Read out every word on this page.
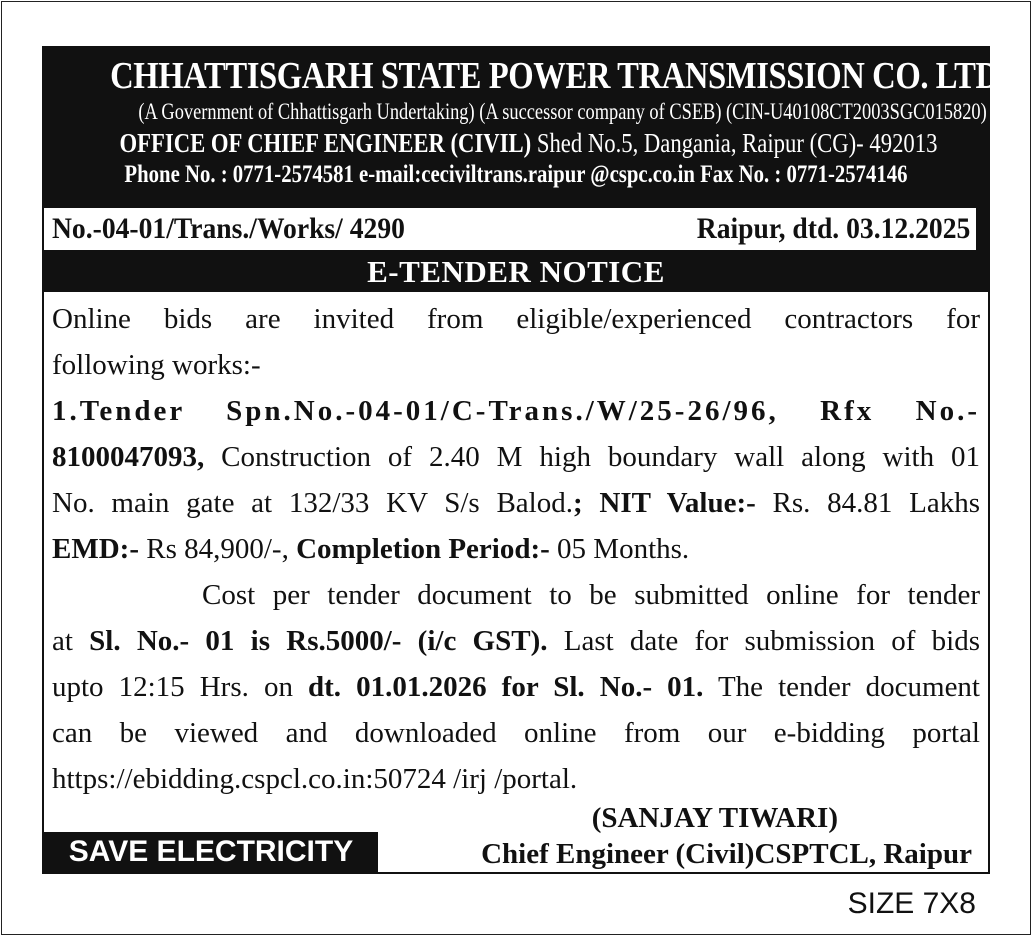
CHHATTISGARH STATE POWER TRANSMISSION CO. LTD.
(A Government of Chhattisgarh Undertaking) (A successor company of CSEB) (CIN-U40108CT2003SGC015820)
OFFICE OF CHIEF ENGINEER (CIVIL) Shed No.5, Dangania, Raipur (CG)- 492013
Phone No. : 0771-2574581 e-mail:ceciviltrans.raipur @cspc.co.in Fax No. : 0771-2574146
No.-04-01/Trans./Works/ 4290	Raipur, dtd. 03.12.2025
E-TENDER NOTICE

Online bids are invited from eligible/experienced contractors for

following works:-

1.Tender Spn.No.-04-01/C-Trans./W/25-26/96, Rfx No.-

8100047093, Construction of 2.40 M high boundary wall along with 01

No. main gate at 132/33 KV S/s Balod.; NIT Value:- Rs. 84.81 Lakhs

EMD:- Rs 84,900/-, Completion Period:- 05 Months.

Cost per tender document to be submitted online for tender

at Sl. No.- 01 is Rs.5000/- (i/c GST). Last date for submission of bids

upto 12:15 Hrs. on dt. 01.01.2026 for Sl. No.- 01. The tender document

can be viewed and downloaded online from our e-bidding portal

https://ebidding.cspcl.co.in:50724 /irj /portal.

(SANJAY TIWARI)
Chief Engineer (Civil)CSPTCL, Raipur
SAVE ELECTRICITY
SIZE 7X8
